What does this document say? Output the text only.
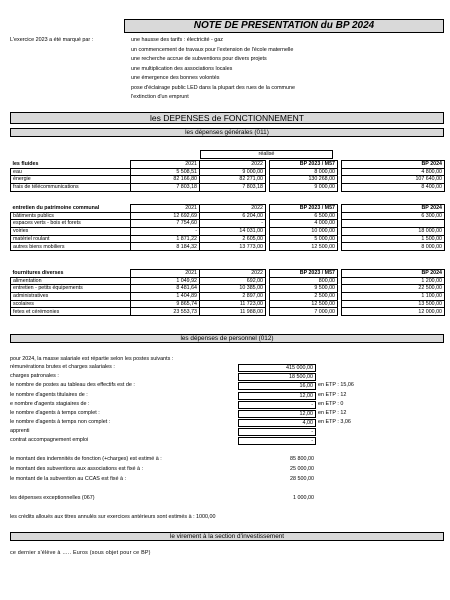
NOTE DE PRESENTATION du BP 2024
L'exercice 2023 a été marqué par :	une hausse des tarifs : électricité - gaz
un commencement de travaux pour l'extension de l'école maternelle
une recherche accrue de subventions pour divers projets
une multiplication des associations locales
une émergence des bonnes volontés
pose d'éclairage public LED dans la plupart des rues de la commune
l'extinction d'un emprunt
les DEPENSES de FONCTIONNEMENT
les dépenses générales (011)
réalisé
les fluides	2021	2022		BP 2023 / M57		BP 2024
eau	5 508,51	9 000,00		8 000,00		4 800,00
énergie	82 166,80	82 271,00		130 268,00		107 640,00
frais de télécommunications	7 803,18	7 803,18		9 000,00		8 400,00
entretien du patrimoine communal	2021	2022		BP 2023 / M57		BP 2024
bâtiments publics	12 692,69	6 204,00		6 500,00		6 300,00
espaces verts - bois et forets	7 754,60	-		4 000,00		
voiries	-	14 031,00		10 000,00		18 000,00
matériel roulant	1 871,22	2 605,00		5 000,00		1 500,00
autres biens mobiliers	8 184,32	13 773,00		12 500,00		8 000,00
fournitures diverses	2021	2022		BP 2023 / M57		BP 2024
alimentation	1 049,92	692,00		800,00		1 200,00
entretien - petits équipements	8 481,64	10 385,00		9 500,00		22 500,00
administratives	1 404,89	2 897,00		2 500,00		1 100,00
scolaires	9 865,74	11 723,00		12 500,00		13 500,00
fetes et cérémonies	23 553,73	11 988,00		7 000,00		12 000,00
les dépenses de personnel (012)
pour 2024, la masse salariale est répartie selon les postes suivants :
rémunérations brutes et charges salariales :	415 000,00
charges patronales :	18 500,00
le nombre de postes au tableau des effectifs est de :	16,00 en ETP : 15,06
le nombre d'agents titulaires de :	12,00 en ETP : 12
e nombre d'agents stagiaires de :	- en ETP : 0
le nombre d'agents à temps complet :	12,00 en ETP : 12
le nombre d'agents à temps non complet :	4,00 en ETP : 3,06
apprenti	-
contrat accompagnement emploi	-
le montant des indemnités de fonction (+charges) est estimé à :	85 800,00
le montant des subventions aux associations est fixé à :	25 000,00
le montant de la subvention au CCAS est fixé à :	28 500,00
les dépenses exceptionnelles (067)	1 000,00
les crédits alloués aux titres annulés sur exercices antérieurs sont estimés à : 1000,00
le virement à la section d'investissement
ce dernier s'élève à ….. Euros (sous objet pour ce BP)
